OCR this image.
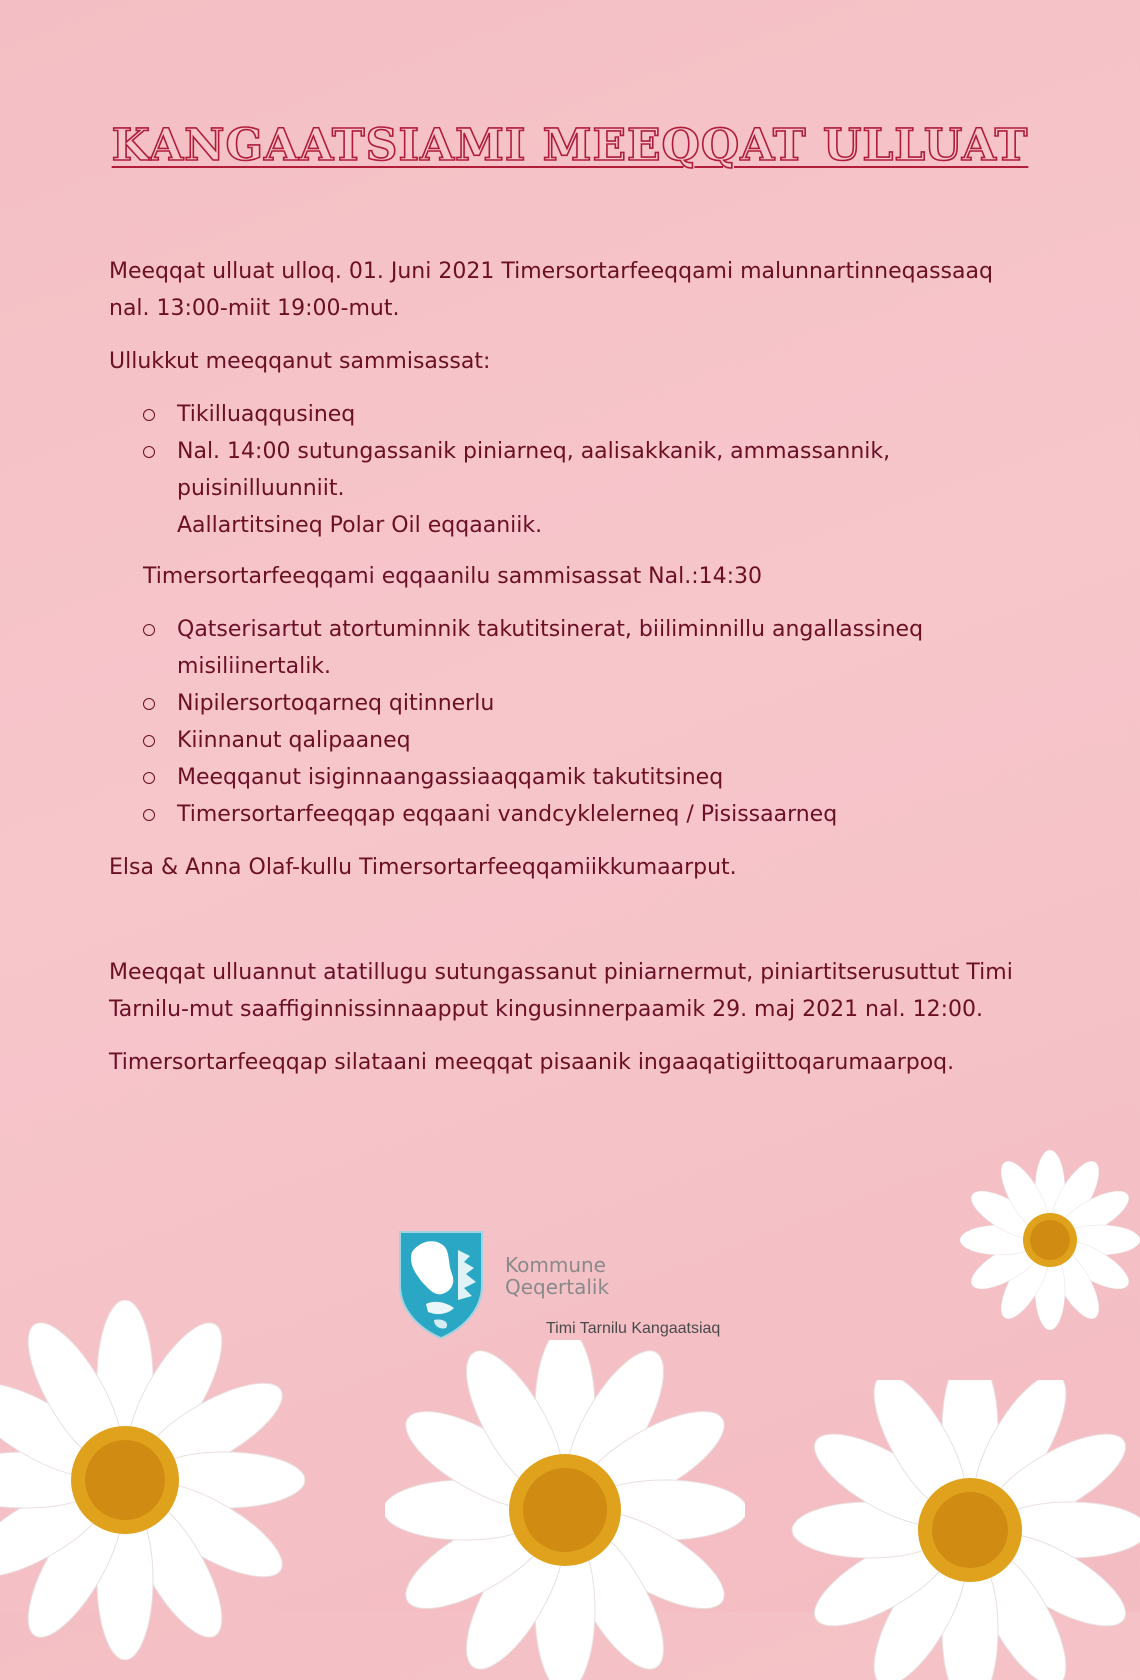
KANGAATSIAMI MEEQQAT ULLUAT

Meeqqat ulluat ulloq. 01. Juni 2021 Timersortarfeeqqami malunnartinneqassaaq
nal. 13:00-miit 19:00-mut.

Ullukkut meeqqanut sammisassat:

Tikilluaqqusineq
Nal. 14:00 sutungassanik piniarneq, aalisakkanik, ammassannik,
puisinilluunniit.
Aallartitsineq Polar Oil eqqaaniik.

Timersortarfeeqqami eqqaanilu sammisassat Nal.:14:30

Qatserisartut atortuminnik takutitsinerat, biiliminnillu angallassineq
misiliinertalik.
Nipilersortoqarneq qitinnerlu
Kiinnanut qalipaaneq
Meeqqanut isiginnaangassiaaqqamik takutitsineq
Timersortarfeeqqap eqqaani vandcyklelerneq / Pisissaarneq

Elsa & Anna Olaf-kullu Timersortarfeeqqamiikkumaarput.

Meeqqat ulluannut atatillugu sutungassanut piniarnermut, piniartitserusuttut Timi
Tarnilu-mut saaffiginnissinnaapput kingusinnerpaamik 29. maj 2021 nal. 12:00.

Timersortarfeeqqap silataani meeqqat pisaanik ingaaqatigiittoqarumaarpoq.

Kommune
Qeqertalik
Timi Tarnilu Kangaatsiaq
